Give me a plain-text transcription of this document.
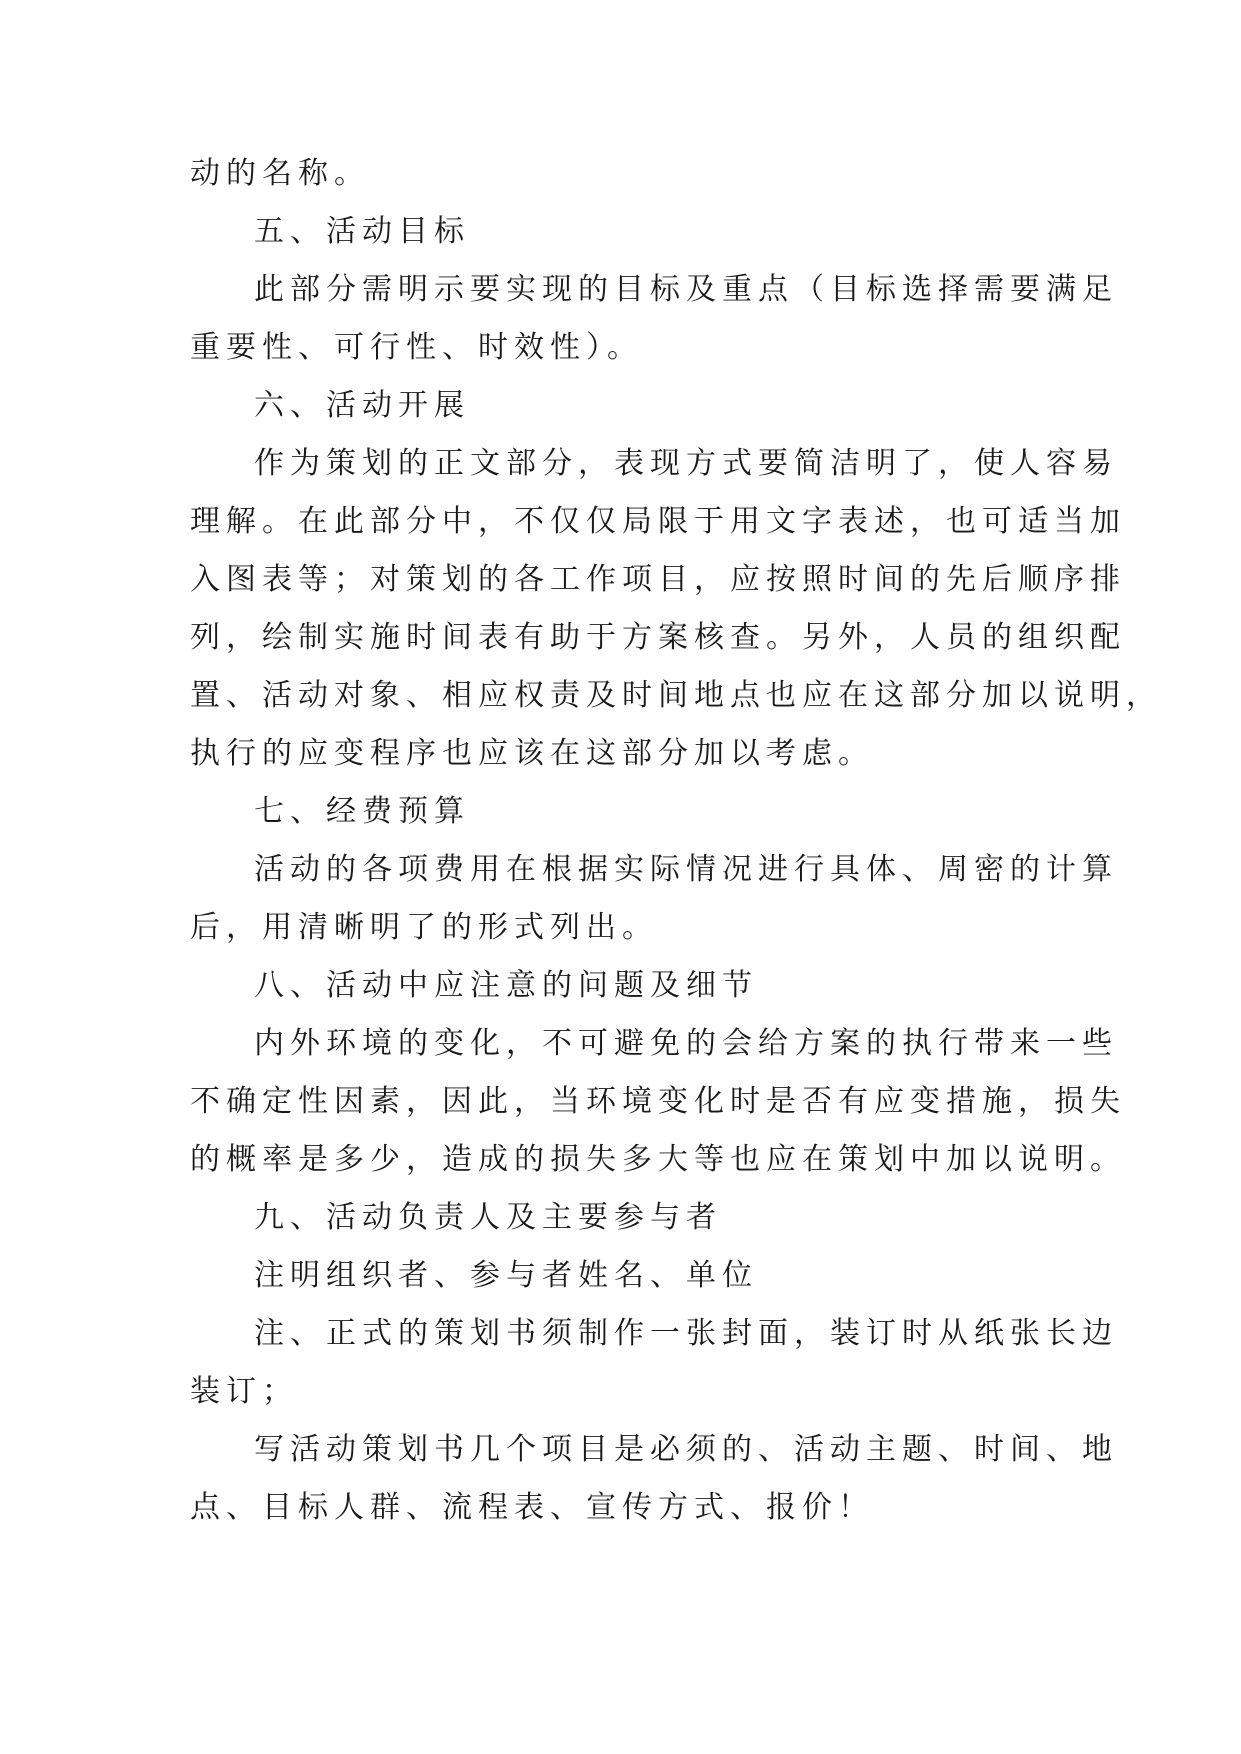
动的名称。
五、活动目标
此部分需明示要实现的目标及重点（目标选择需要满足
重要性、可行性、时效性）。
六、活动开展
作为策划的正文部分，表现方式要简洁明了，使人容易
理解。在此部分中，不仅仅局限于用文字表述，也可适当加
入图表等；对策划的各工作项目，应按照时间的先后顺序排
列，绘制实施时间表有助于方案核查。另外，人员的组织配
置、活动对象、相应权责及时间地点也应在这部分加以说明，
执行的应变程序也应该在这部分加以考虑。
七、经费预算
活动的各项费用在根据实际情况进行具体、周密的计算
后，用清晰明了的形式列出。
八、活动中应注意的问题及细节
内外环境的变化，不可避免的会给方案的执行带来一些
不确定性因素，因此，当环境变化时是否有应变措施，损失
的概率是多少，造成的损失多大等也应在策划中加以说明。
九、活动负责人及主要参与者
注明组织者、参与者姓名、单位
注、正式的策划书须制作一张封面，装订时从纸张长边
装订；
写活动策划书几个项目是必须的、活动主题、时间、地
点、目标人群、流程表、宣传方式、报价！
